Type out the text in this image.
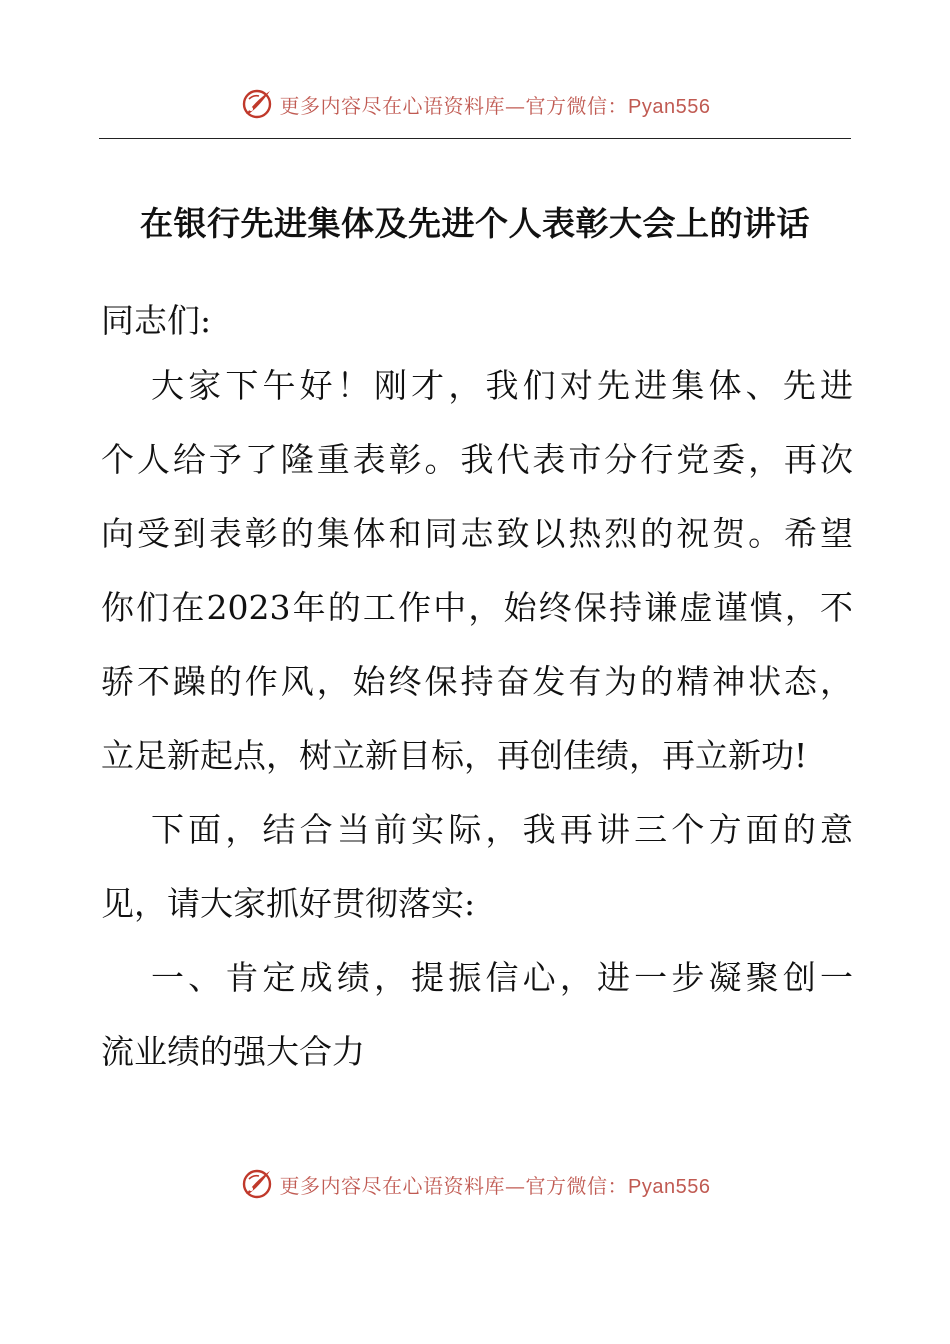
更多内容尽在心语资料库—官方微信：Pyan556
在银行先进集体及先进个人表彰大会上的讲话
同志们:
大家下午好！刚才，我们对先进集体、先进
个人给予了隆重表彰。我代表市分行党委，再次
向受到表彰的集体和同志致以热烈的祝贺。希望
你们在2023年的工作中，始终保持谦虚谨慎，不
骄不躁的作风，始终保持奋发有为的精神状态，
立足新起点，树立新目标，再创佳绩，再立新功!
下面，结合当前实际，我再讲三个方面的意
见，请大家抓好贯彻落实:
一、肯定成绩，提振信心，进一步凝聚创一
流业绩的强大合力
更多内容尽在心语资料库—官方微信：Pyan556
